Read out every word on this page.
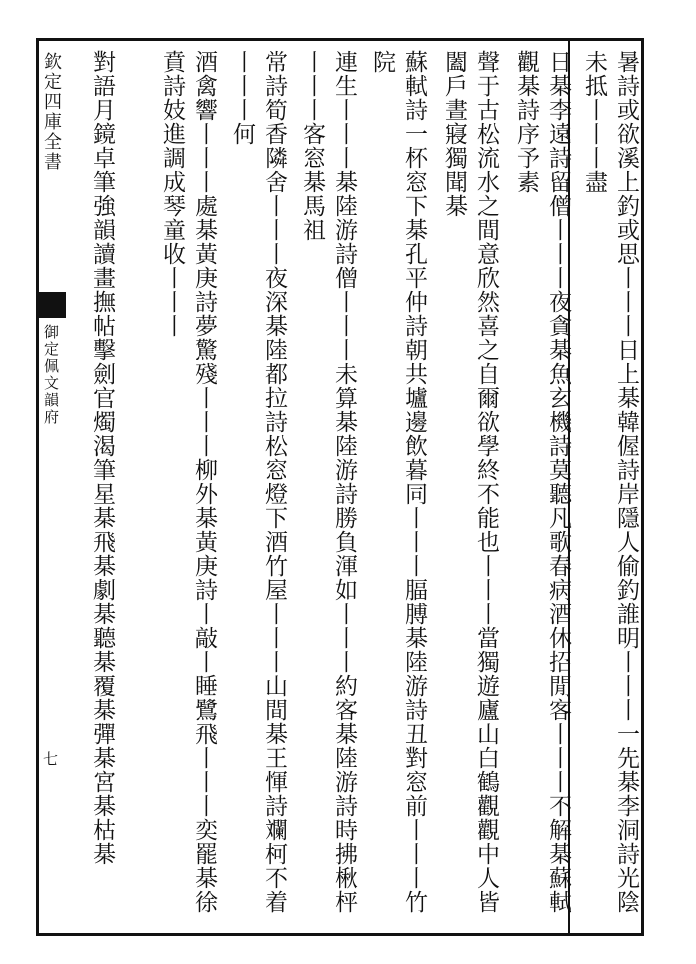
欽定四庫全書
御定佩文韻府
七	暑詩或欲溪上釣或思丨丨丨日上棊韓偓詩岸隱人偷釣誰明丨丨丨一先棊李洞詩光陰未抵丨丨丨盡
日棊李遠詩留僧丨丨丨夜貪棊魚玄機詩莫聽凡歌春病酒休招閒客丨丨丨不解棊蘇軾觀棊詩序予素
聲于古松流水之間意欣然喜之自爾欲學終不能也丨丨丨當獨遊廬山白鶴觀觀中人皆闔戶晝寢獨聞棊
蘇軾詩一杯窓下棊孔平仲詩朝共壚邊飲暮同丨丨丨腷膊棊陸游詩丑對窓前丨丨丨竹院
連生丨丨丨棊陸游詩僧丨丨丨未算棊陸游詩勝負渾如丨丨丨約客棊陸游詩時拂楸枰丨丨丨客窓棊馬祖
常詩筍香隣舍丨丨丨夜深棊陸都拉詩松窓燈下酒竹屋丨丨丨山間棊王惲詩斕柯不着丨丨丨何
酒禽響丨丨丨處棊黃庚詩夢驚殘丨丨丨柳外棊黃庚詩丨敲丨睡鷺飛丨丨丨奕罷棊徐賁詩妓進調成琴童收丨丨丨
對語月鏡卓筆強韻讀畫撫帖擊劍官燭渴筆星棊飛棊劇棊聽棊覆棊彈棊宮棊枯棊
